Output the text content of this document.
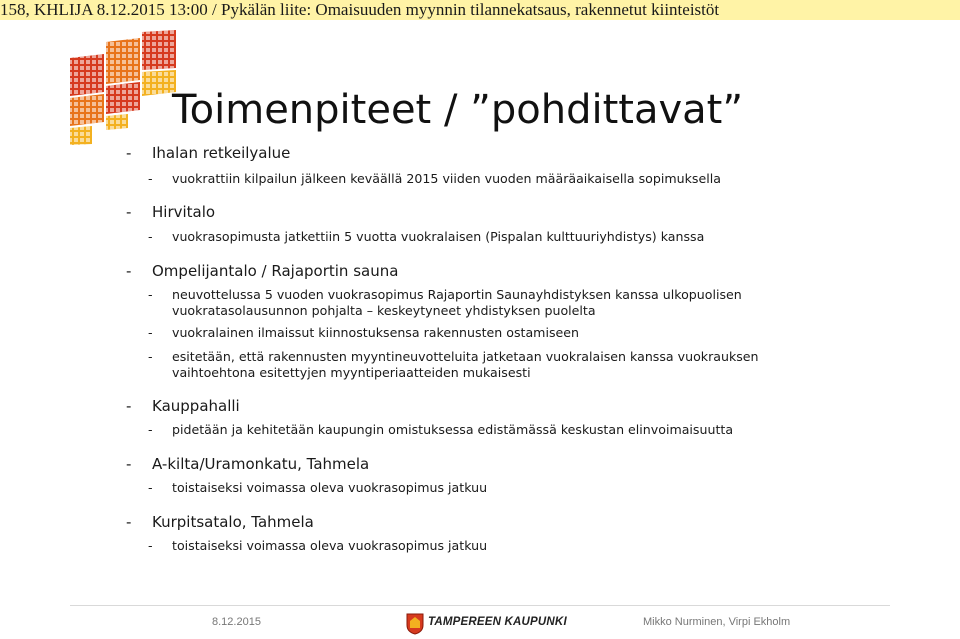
158, KHLIJA 8.12.2015 13:00 / Pykälän liite: Omaisuuden myynnin tilannekatsaus, rakennetut kiinteistöt
Toimenpiteet / ”pohdittavat”
- Ihalan retkeilyalue
- vuokrattiin kilpailun jälkeen keväällä 2015 viiden vuoden määräaikaisella sopimuksella
- Hirvitalo
- vuokrasopimusta jatkettiin 5 vuotta vuokralaisen (Pispalan kulttuuriyhdistys) kanssa
- Ompelijantalo / Rajaportin sauna
- neuvottelussa 5 vuoden vuokrasopimus Rajaportin Saunayhdistyksen kanssa ulkopuolisen
vuokratasolausunnon pohjalta – keskeytyneet yhdistyksen puolelta
- vuokralainen ilmaissut kiinnostuksensa rakennusten ostamiseen
- esitetään, että rakennusten myyntineuvotteluita jatketaan vuokralaisen kanssa vuokrauksen
vaihtoehtona esitettyjen myyntiperiaatteiden mukaisesti
- Kauppahalli
- pidetään ja kehitetään kaupungin omistuksessa edistämässä keskustan elinvoimaisuutta
- A-kilta/Uramonkatu, Tahmela
- toistaiseksi voimassa oleva vuokrasopimus jatkuu
- Kurpitsatalo, Tahmela
- toistaiseksi voimassa oleva vuokrasopimus jatkuu
8.12.2015	TAMPEREEN KAUPUNKI	Mikko Nurminen, Virpi Ekholm
